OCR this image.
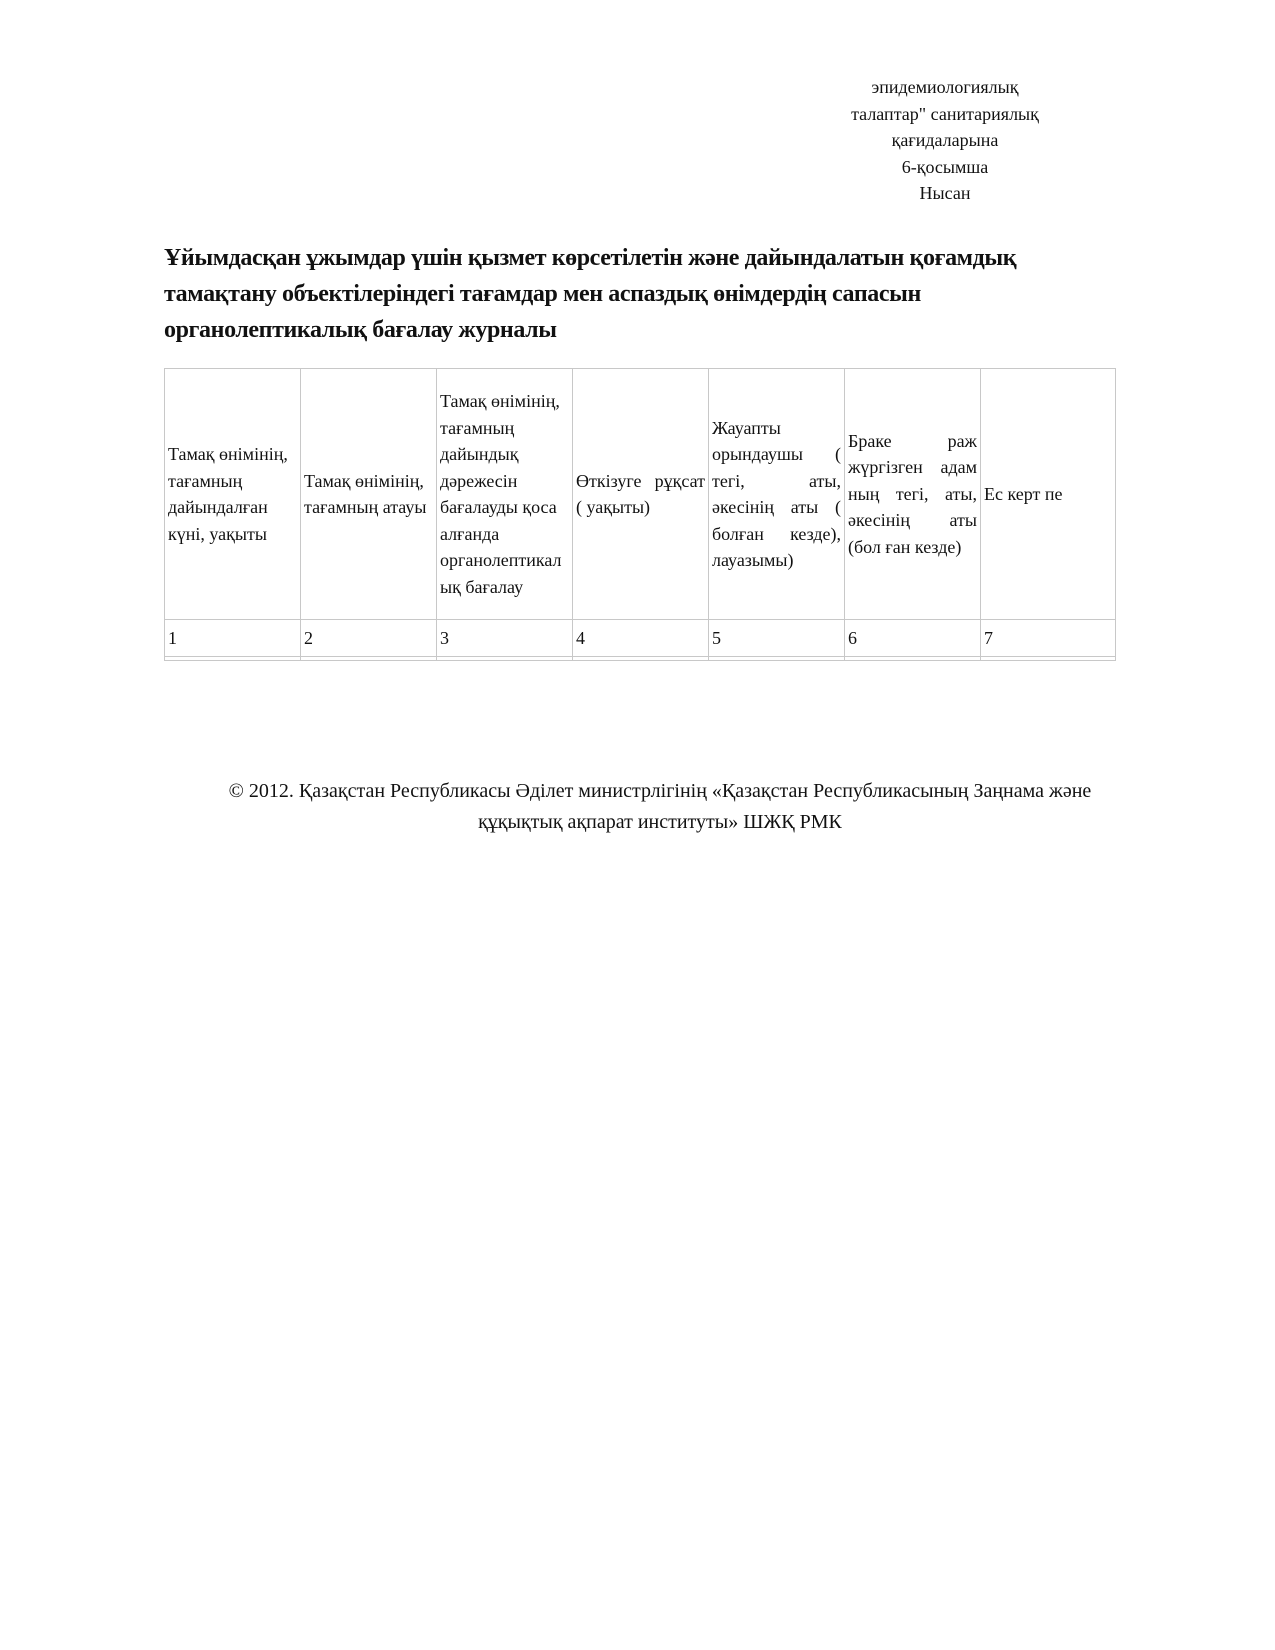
эпидемиологиялық
талаптар" санитариялық
қағидаларына
6-қосымша
Нысан
Ұйымдасқан ұжымдар үшін қызмет көрсетілетін және дайындалатын қоғамдық тамақтану объектілеріндегі тағамдар мен аспаздық өнімдердің сапасын органолептикалық бағалау журналы
Тамақ өнімінің, тағамның дайындалған күні, уақыты	Тамақ өнімінің, тағамның атауы	Тамақ өнімінің, тағамның дайындық дәрежесін бағалауды қоса алғанда органолептикалық бағалау	Өткізуге рұқсат ( уақыты)	Жауапты орындаушы ( тегі, аты, әкесінің аты ( болған кезде), лауазымы)	Браке раж жүргізген адам ның тегі, аты, әкесінің аты (бол ған кезде)	Ес керт пе
1	2	3	4	5	6	7

© 2012. Қазақстан Республикасы Әділет министрлігінің «Қазақстан Республикасының Заңнама және
құқықтық ақпарат институты» ШЖҚ РМК
